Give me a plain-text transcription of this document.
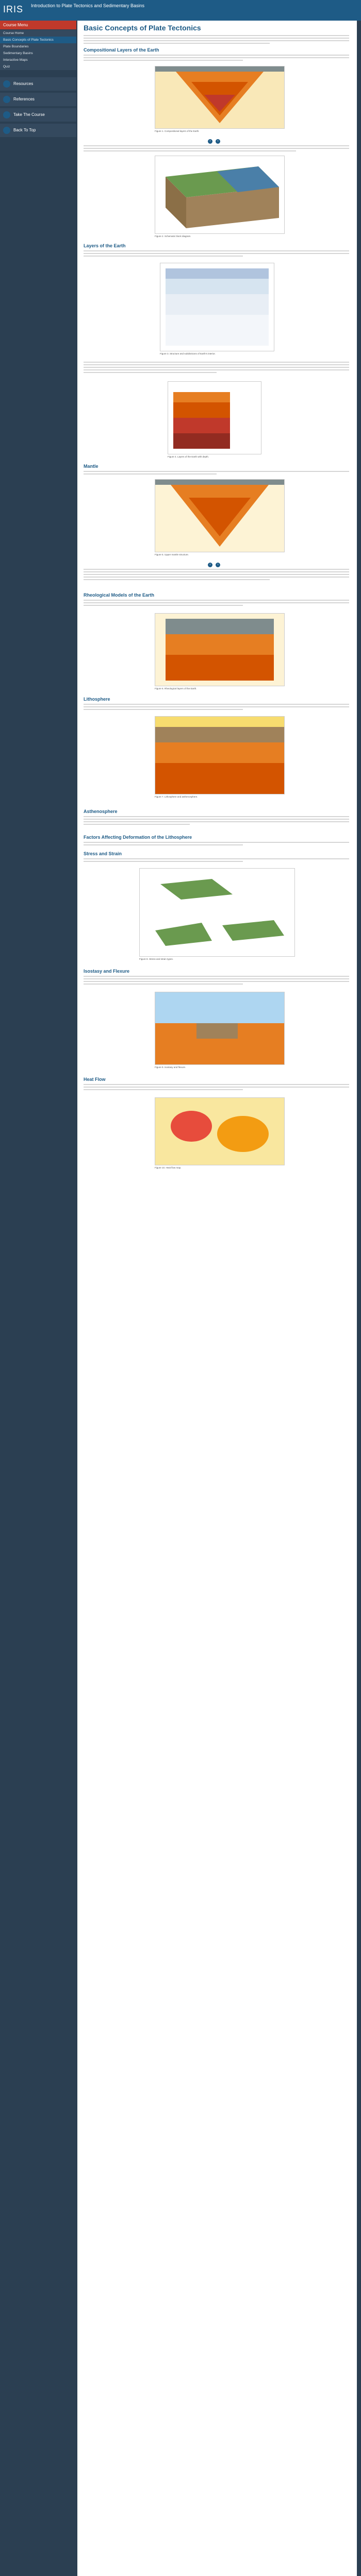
IRIS Introduction to Plate Tectonics and Sedimentary Basins
Course Menu
Course Home
Basic Concepts of Plate Tectonics
Plate Boundaries
Sedimentary Basins
Interactive Maps
Quiz
Resources
References
Take The Course
Back To Top
Basic Concepts of Plate Tectonics
Compositional Layers of the Earth
Figure 1. Compositional layers of the Earth.
‹ ›
Figure 2. Schematic block diagram.
Layers of the Earth
Figure 3. Structure and subdivisions of Earth's interior.
Figure 4. Layers of the Earth with depth.
Mantle
Figure 5. Upper mantle structure.
‹ ›
Rheological Models of the Earth
Figure 6. Rheological layers of the Earth.
Lithosphere
Figure 7. Lithosphere and asthenosphere.
Asthenosphere
Factors Affecting Deformation of the Lithosphere
Stress and Strain
Figure 8. Stress and strain types.
Isostasy and Flexure
Figure 9. Isostasy and flexure.
Heat Flow
Figure 10. Heat flow map.
